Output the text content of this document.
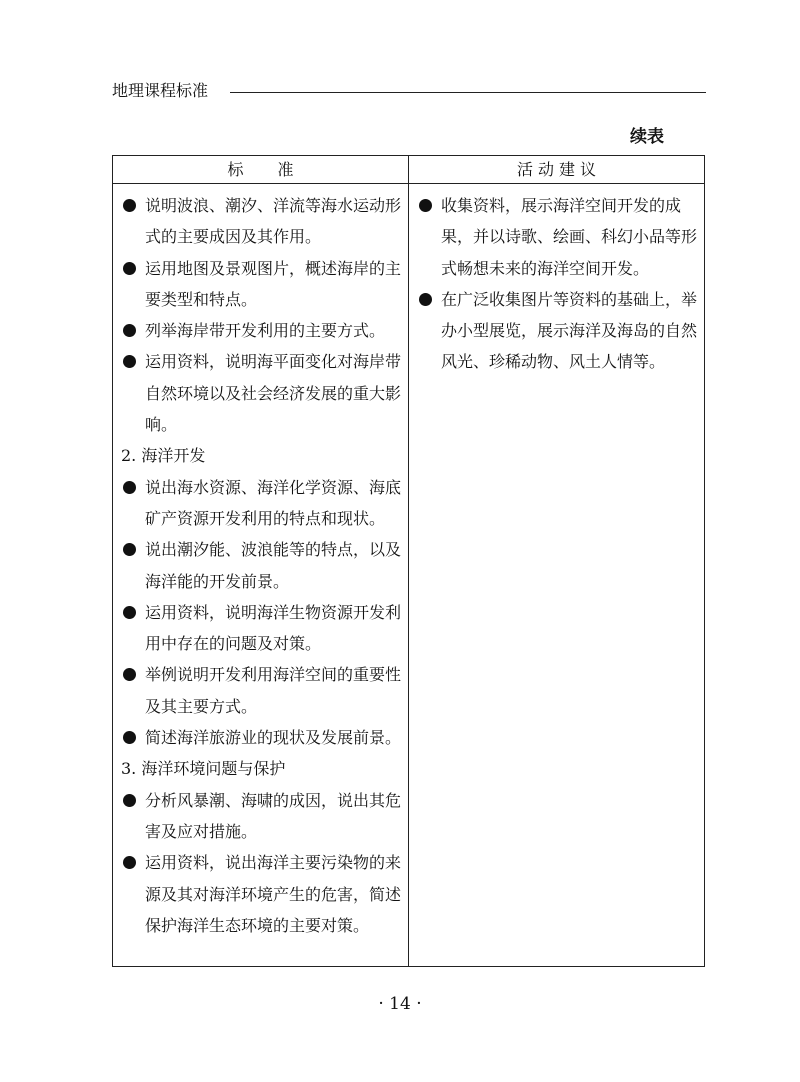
地理课程标准
续表
标准	活动建议
说明波浪、潮汐、洋流等海水运动形式的主要成因及其作用。
运用地图及景观图片，概述海岸的主要类型和特点。
列举海岸带开发利用的主要方式。
运用资料，说明海平面变化对海岸带自然环境以及社会经济发展的重大影响。
2. 海洋开发
说出海水资源、海洋化学资源、海底矿产资源开发利用的特点和现状。
说出潮汐能、波浪能等的特点，以及海洋能的开发前景。
运用资料，说明海洋生物资源开发利用中存在的问题及对策。
举例说明开发利用海洋空间的重要性及其主要方式。
简述海洋旅游业的现状及发展前景。
3. 海洋环境问题与保护
分析风暴潮、海啸的成因，说出其危害及应对措施。
运用资料，说出海洋主要污染物的来源及其对海洋环境产生的危害，简述保护海洋生态环境的主要对策。
收集资料，展示海洋空间开发的成果，并以诗歌、绘画、科幻小品等形式畅想未来的海洋空间开发。
在广泛收集图片等资料的基础上，举办小型展览，展示海洋及海岛的自然风光、珍稀动物、风土人情等。
· 14 ·
